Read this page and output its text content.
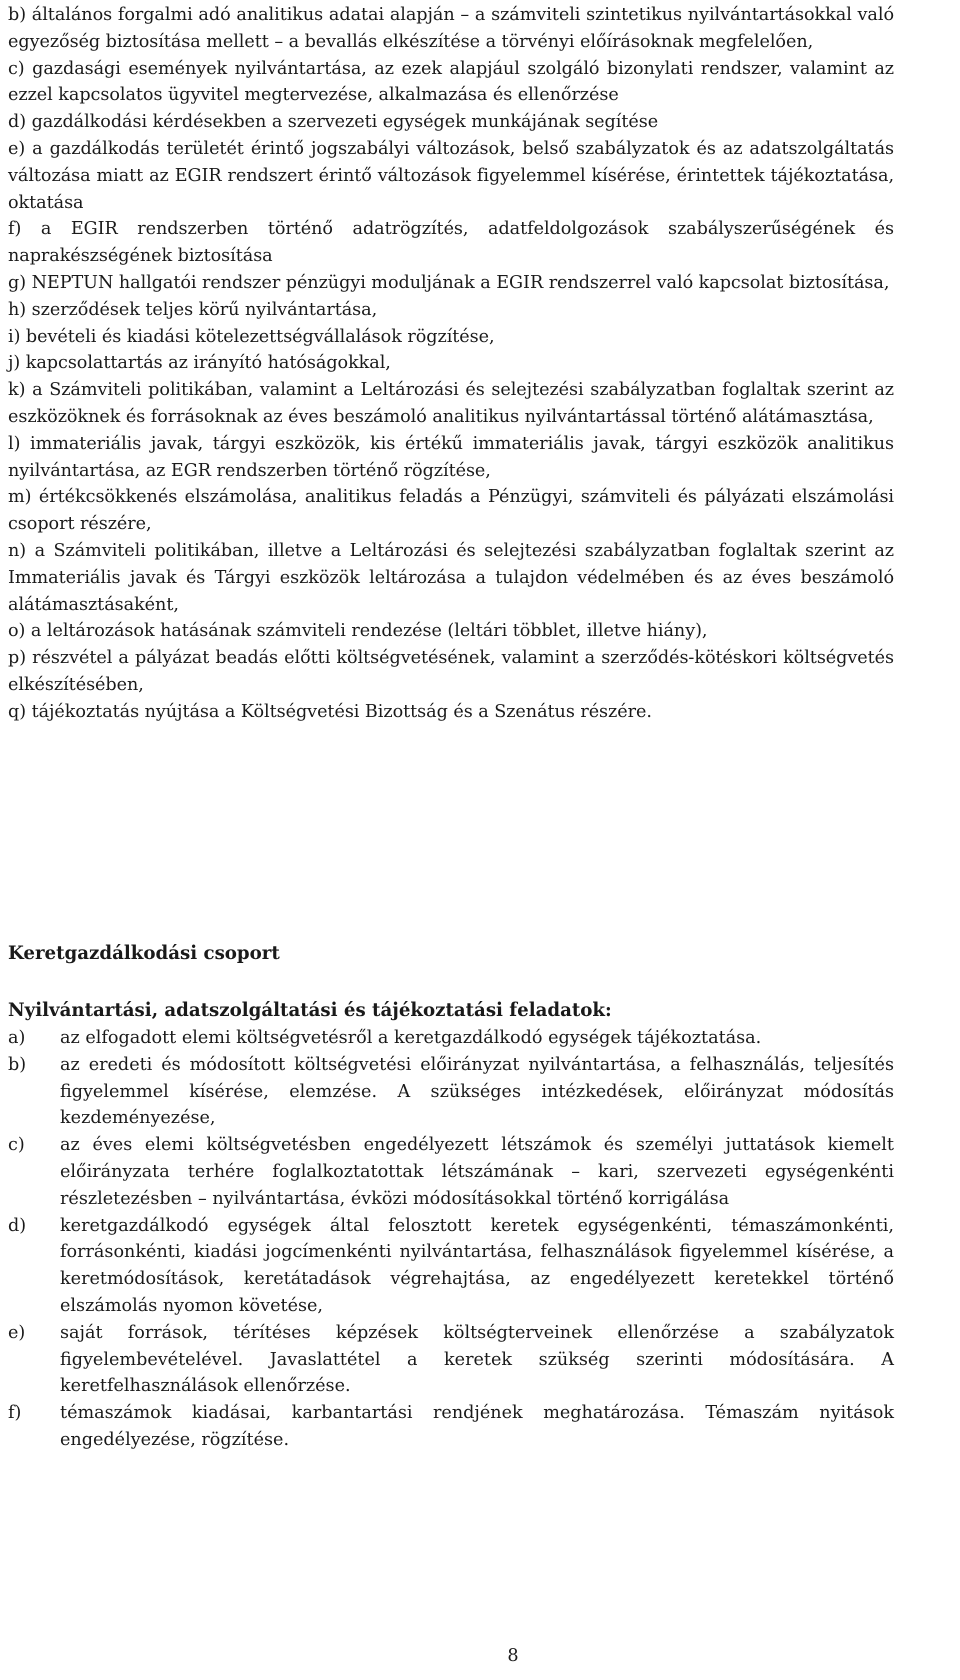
b) általános forgalmi adó analitikus adatai alapján – a számviteli szintetikus nyilvántartásokkal való egyezőség biztosítása mellett – a bevallás elkészítése a törvényi előírásoknak megfelelően,

c) gazdasági események nyilvántartása, az ezek alapjául szolgáló bizonylati rendszer, valamint az ezzel kapcsolatos ügyvitel megtervezése, alkalmazása és ellenőrzése

d) gazdálkodási kérdésekben a szervezeti egységek munkájának segítése

e) a gazdálkodás területét érintő jogszabályi változások, belső szabályzatok és az adatszolgáltatás változása miatt az EGIR rendszert érintő változások figyelemmel kísérése, érintettek tájékoztatása, oktatása

f) a EGIR rendszerben történő adatrögzítés, adatfeldolgozások szabályszerűségének és naprakészségének biztosítása

g) NEPTUN hallgatói rendszer pénzügyi moduljának a EGIR rendszerrel való kapcsolat biztosítása,

h) szerződések teljes körű nyilvántartása,

i) bevételi és kiadási kötelezettségvállalások rögzítése,

j) kapcsolattartás az irányító hatóságokkal,

k) a Számviteli politikában, valamint a Leltározási és selejtezési szabályzatban foglaltak szerint az eszközöknek és forrásoknak az éves beszámoló analitikus nyilvántartással történő alátámasztása,

l) immateriális javak, tárgyi eszközök, kis értékű immateriális javak, tárgyi eszközök analitikus nyilvántartása, az EGR rendszerben történő rögzítése,

m) értékcsökkenés elszámolása, analitikus feladás a Pénzügyi, számviteli és pályázati elszámolási csoport részére,

n) a Számviteli politikában, illetve a Leltározási és selejtezési szabályzatban foglaltak szerint az Immateriális javak és Tárgyi eszközök leltározása a tulajdon védelmében és az éves beszámoló alátámasztásaként,

o) a leltározások hatásának számviteli rendezése (leltári többlet, illetve hiány),

p) részvétel a pályázat beadás előtti költségvetésének, valamint a szerződés-kötéskori költségvetés elkészítésében,

q) tájékoztatás nyújtása a Költségvetési Bizottság és a Szenátus részére.

Keretgazdálkodási csoport
Nyilvántartási, adatszolgáltatási és tájékoztatási feladatok:
a)	az elfogadott elemi költségvetésről a keretgazdálkodó egységek tájékoztatása.
b)	az eredeti és módosított költségvetési előirányzat nyilvántartása, a felhasználás, teljesítés figyelemmel kísérése, elemzése. A szükséges intézkedések, előirányzat módosítás kezdeményezése,
c)	az éves elemi költségvetésben engedélyezett létszámok és személyi juttatások kiemelt előirányzata terhére foglalkoztatottak létszámának – kari, szervezeti egységenkénti részletezésben – nyilvántartása, évközi módosításokkal történő korrigálása
d)	keretgazdálkodó egységek által felosztott keretek egységenkénti, témaszámonkénti, forrásonkénti, kiadási jogcímenkénti nyilvántartása, felhasználások figyelemmel kísérése, a keretmódosítások, keretátadások végrehajtása, az engedélyezett keretekkel történő elszámolás nyomon követése,
e)	saját források, térítéses képzések költségterveinek ellenőrzése a szabályzatok figyelembevételével. Javaslattétel a keretek szükség szerinti módosítására. A keretfelhasználások ellenőrzése.
f)	témaszámok kiadásai, karbantartási rendjének meghatározása. Témaszám nyitások engedélyezése, rögzítése.

8
